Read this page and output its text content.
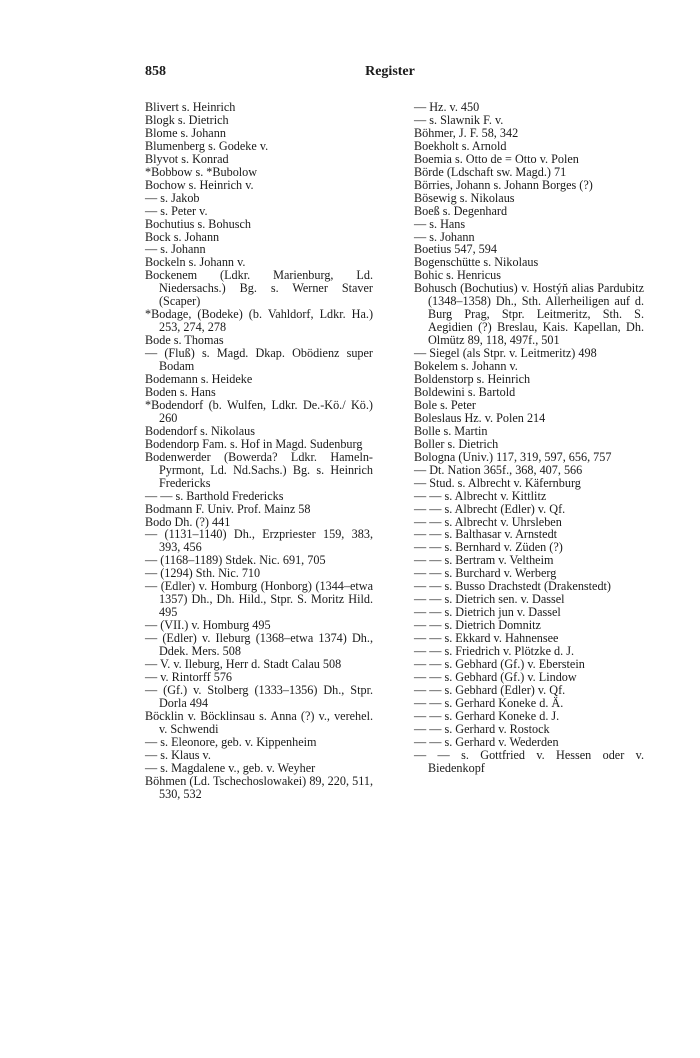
858	Register

Blivert s. Heinrich

Blogk s. Dietrich

Blome s. Johann

Blumenberg s. Godeke v.

Blyvot s. Konrad

*Bobbow s. *Bubolow

Bochow s. Heinrich v.

— s. Jakob

— s. Peter v.

Bochutius s. Bohusch

Bock s. Johann

— s. Johann

Bockeln s. Johann v.

Bockenem (Ldkr. Marienburg, Ld. Niedersachs.) Bg. s. Werner Staver (Scaper)

*Bodage, (Bodeke) (b. Vahldorf, Ldkr. Ha.) 253, 274, 278

Bode s. Thomas

— (Fluß) s. Magd. Dkap. Obödienz super Bodam

Bodemann s. Heideke

Boden s. Hans

*Bodendorf (b. Wulfen, Ldkr. De.-Kö./ Kö.) 260

Bodendorf s. Nikolaus

Bodendorp Fam. s. Hof in Magd. Sudenburg

Bodenwerder (Bowerda? Ldkr. Hameln-Pyrmont, Ld. Nd.Sachs.) Bg. s. Heinrich Fredericks

— — s. Barthold Fredericks

Bodmann F. Univ. Prof. Mainz 58

Bodo Dh. (?) 441

— (1131–1140) Dh., Erzpriester 159, 383, 393, 456

— (1168–1189) Stdek. Nic. 691, 705

— (1294) Sth. Nic. 710

— (Edler) v. Homburg (Honborg) (1344–etwa 1357) Dh., Dh. Hild., Stpr. S. Moritz Hild. 495

— (VII.) v. Homburg 495

— (Edler) v. Ileburg (1368–etwa 1374) Dh., Ddek. Mers. 508

— V. v. Ileburg, Herr d. Stadt Calau 508

— v. Rintorff 576

— (Gf.) v. Stolberg (1333–1356) Dh., Stpr. Dorla 494

Böcklin v. Böcklinsau s. Anna (?) v., verehel. v. Schwendi

— s. Eleonore, geb. v. Kippenheim

— s. Klaus v.

— s. Magdalene v., geb. v. Weyher

Böhmen (Ld. Tschechoslowakei) 89, 220, 511, 530, 532

— Hz. v. 450

— s. Slawnik F. v.

Böhmer, J. F. 58, 342

Boekholt s. Arnold

Boemia s. Otto de = Otto v. Polen

Börde (Ldschaft sw. Magd.) 71

Börries, Johann s. Johann Borges (?)

Bösewig s. Nikolaus

Boeß s. Degenhard

— s. Hans

— s. Johann

Boetius 547, 594

Bogenschütte s. Nikolaus

Bohic s. Henricus

Bohusch (Bochutius) v. Hostýň alias Pardubitz (1348–1358) Dh., Sth. Allerheiligen auf d. Burg Prag, Stpr. Leitmeritz, Sth. S. Aegidien (?) Breslau, Kais. Kapellan, Dh. Olmütz 89, 118, 497f., 501

— Siegel (als Stpr. v. Leitmeritz) 498

Bokelem s. Johann v.

Boldenstorp s. Heinrich

Boldewini s. Bartold

Bole s. Peter

Boleslaus Hz. v. Polen 214

Bolle s. Martin

Boller s. Dietrich

Bologna (Univ.) 117, 319, 597, 656, 757

— Dt. Nation 365f., 368, 407, 566

— Stud. s. Albrecht v. Käfernburg

— — s. Albrecht v. Kittlitz

— — s. Albrecht (Edler) v. Qf.

— — s. Albrecht v. Uhrsleben

— — s. Balthasar v. Arnstedt

— — s. Bernhard v. Züden (?)

— — s. Bertram v. Veltheim

— — s. Burchard v. Werberg

— — s. Busso Drachstedt (Drakenstedt)

— — s. Dietrich sen. v. Dassel

— — s. Dietrich jun v. Dassel

— — s. Dietrich Domnitz

— — s. Ekkard v. Hahnensee

— — s. Friedrich v. Plötzke d. J.

— — s. Gebhard (Gf.) v. Eberstein

— — s. Gebhard (Gf.) v. Lindow

— — s. Gebhard (Edler) v. Qf.

— — s. Gerhard Koneke d. Ä.

— — s. Gerhard Koneke d. J.

— — s. Gerhard v. Rostock

— — s. Gerhard v. Wederden

— — s. Gottfried v. Hessen oder v. Biedenkopf
